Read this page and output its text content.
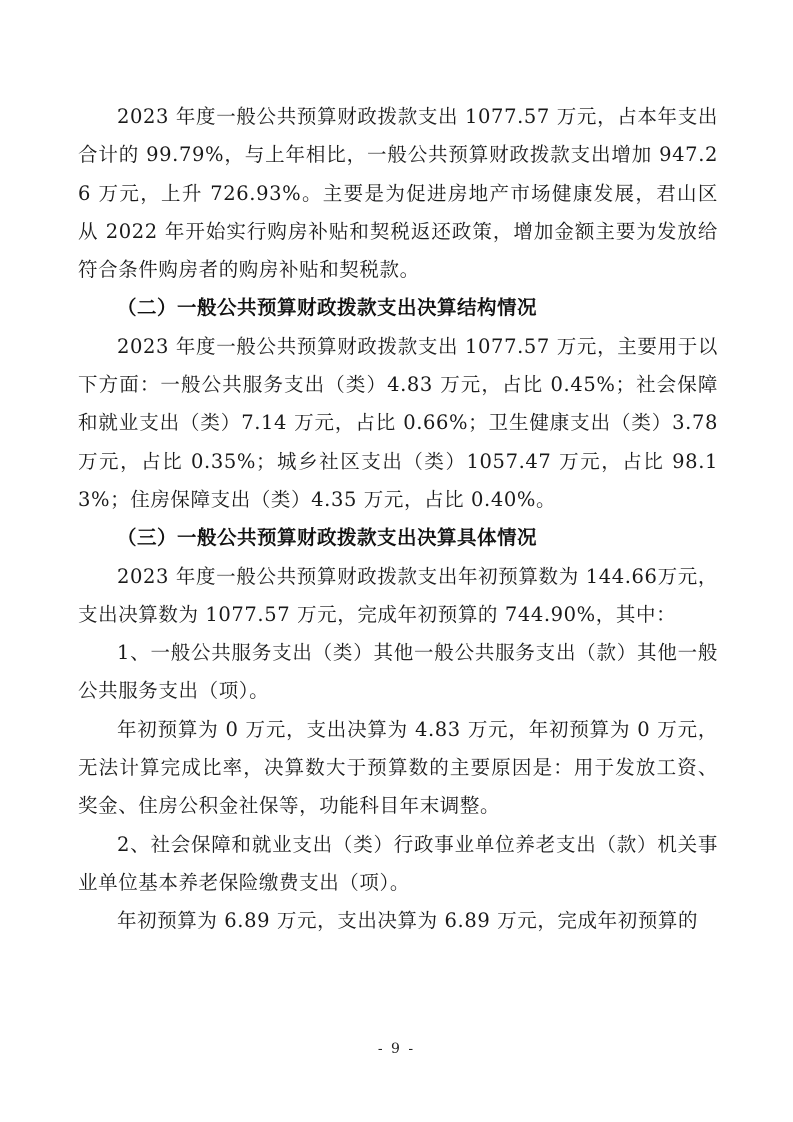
2023 年度一般公共预算财政拨款支出 1077.57 万元，占本年支出合计的 99.79%，与上年相比，一般公共预算财政拨款支出增加 947.26 万元，上升 726.93%。主要是为促进房地产市场健康发展，君山区从 2022 年开始实行购房补贴和契税返还政策，增加金额主要为发放给符合条件购房者的购房补贴和契税款。

（二）一般公共预算财政拨款支出决算结构情况

2023 年度一般公共预算财政拨款支出 1077.57 万元，主要用于以下方面：一般公共服务支出（类）4.83 万元，占比 0.45%；社会保障和就业支出（类）7.14 万元，占比 0.66%；卫生健康支出（类）3.78 万元，占比 0.35%；城乡社区支出（类）1057.47 万元，占比 98.13%；住房保障支出（类）4.35 万元，占比 0.40%。

（三）一般公共预算财政拨款支出决算具体情况

2023 年度一般公共预算财政拨款支出年初预算数为 144.66万元，支出决算数为 1077.57 万元，完成年初预算的 744.90%，其中：

1、一般公共服务支出（类）其他一般公共服务支出（款）其他一般公共服务支出（项）。

年初预算为 0 万元，支出决算为 4.83 万元，年初预算为 0 万元，无法计算完成比率，决算数大于预算数的主要原因是：用于发放工资、奖金、住房公积金社保等，功能科目年末调整。

2、社会保障和就业支出（类）行政事业单位养老支出（款）机关事业单位基本养老保险缴费支出（项）。

年初预算为 6.89 万元，支出决算为 6.89 万元，完成年初预算的

- 9 -
